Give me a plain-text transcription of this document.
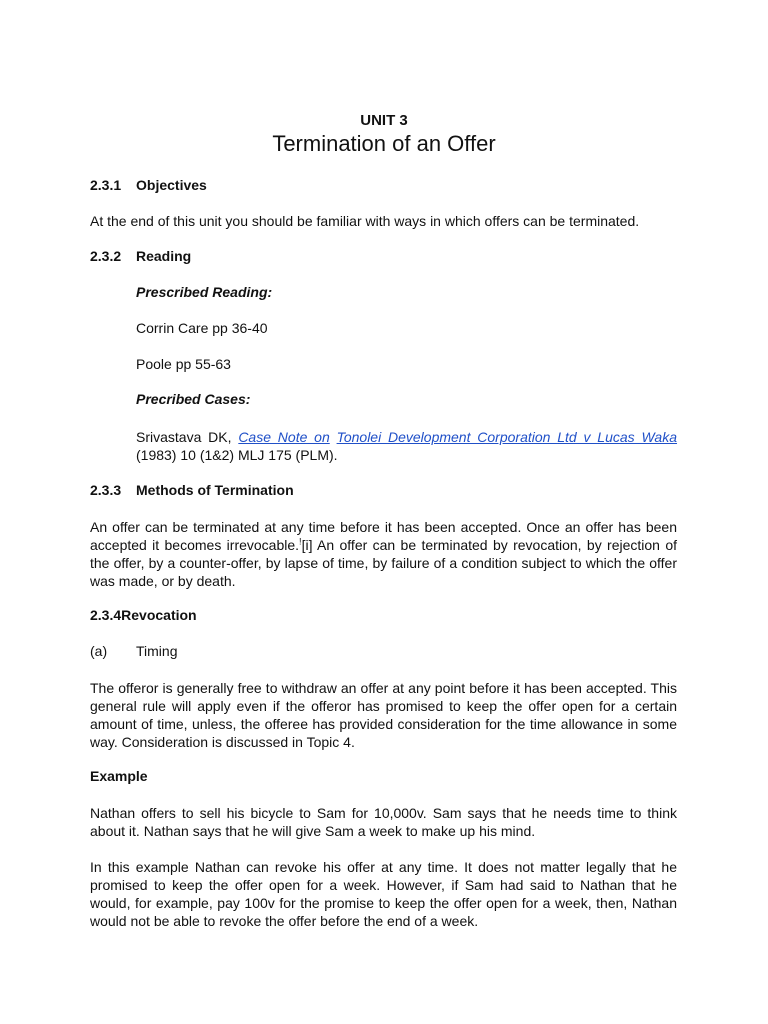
UNIT 3
Termination of an Offer
2.3.1 Objectives
At the end of this unit you should be familiar with ways in which offers can be terminated.
2.3.2 Reading
Prescribed Reading:
Corrin Care pp 36-40
Poole pp 55-63
Precribed Cases:
Srivastava DK, Case Note on Tonolei Development Corporation Ltd v Lucas Waka (1983) 10 (1&2) MLJ 175 (PLM).
2.3.3 Methods of Termination
An offer can be terminated at any time before it has been accepted. Once an offer has been accepted it becomes irrevocable.![i] An offer can be terminated by revocation, by rejection of the offer, by a counter-offer, by lapse of time, by failure of a condition subject to which the offer was made, or by death.
2.3.4Revocation
(a) Timing
The offeror is generally free to withdraw an offer at any point before it has been accepted. This general rule will apply even if the offeror has promised to keep the offer open for a certain amount of time, unless, the offeree has provided consideration for the time allowance in some way. Consideration is discussed in Topic 4.
Example
Nathan offers to sell his bicycle to Sam for 10,000v. Sam says that he needs time to think about it. Nathan says that he will give Sam a week to make up his mind.
In this example Nathan can revoke his offer at any time. It does not matter legally that he promised to keep the offer open for a week. However, if Sam had said to Nathan that he would, for example, pay 100v for the promise to keep the offer open for a week, then, Nathan would not be able to revoke the offer before the end of a week.
